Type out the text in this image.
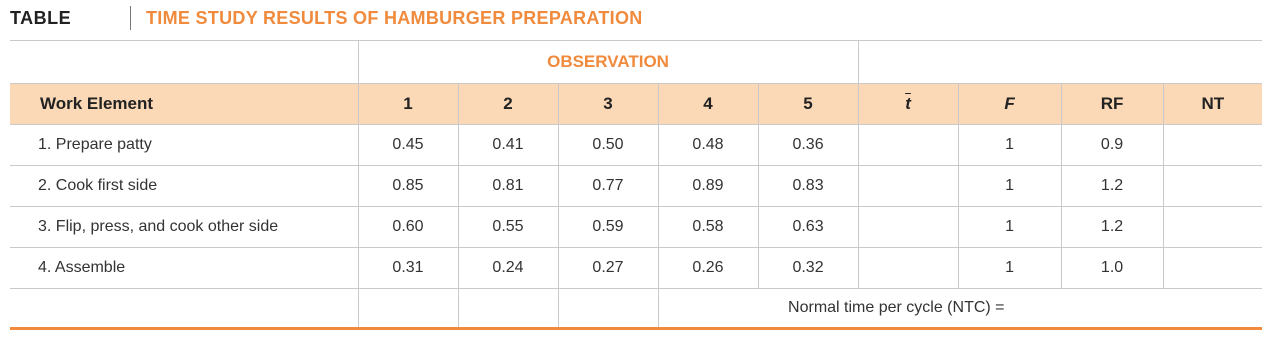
TABLE	TIME STUDY RESULTS OF HAMBURGER PREPARATION
	OBSERVATION								
Work Element	1	2	3	4	5	$\overline{t}$	F	RF	NT
1. Prepare patty	0.45	0.41	0.50	0.48	0.36		1	0.9	
2. Cook first side	0.85	0.81	0.77	0.89	0.83		1	1.2	
3. Flip, press, and cook other side	0.60	0.55	0.59	0.58	0.63		1	1.2	
4. Assemble	0.31	0.24	0.27	0.26	0.32		1	1.0	
				Normal time per cycle (NTC) =					
